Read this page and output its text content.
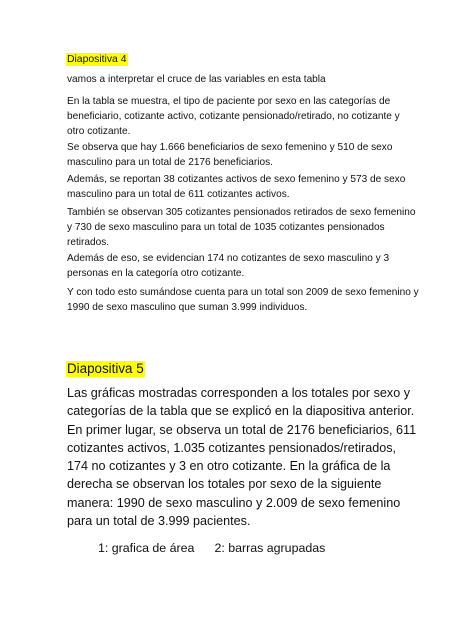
Diapositiva 4

vamos a interpretar el cruce de las variables en esta tabla

En la tabla se muestra, el tipo de paciente por sexo en las categorías de beneficiario, cotizante activo, cotizante pensionado/retirado, no cotizante y otro cotizante.

Se observa que hay 1.666 beneficiarios de sexo femenino y 510 de sexo masculino para un total de 2176 beneficiarios.

Además, se reportan 38 cotizantes activos de sexo femenino y 573 de sexo masculino para un total de 611 cotizantes activos.

También se observan 305 cotizantes pensionados retirados de sexo femenino y 730 de sexo masculino para un total de 1035 cotizantes pensionados retirados.

Además de eso, se evidencian 174 no cotizantes de sexo masculino y 3 personas en la categoría otro cotizante.

Y con todo esto sumándose cuenta para un total son 2009 de sexo femenino y 1990 de sexo masculino que suman 3.999 individuos.

Diapositiva 5

Las gráficas mostradas corresponden a los totales por sexo y categorías de la tabla que se explicó en la diapositiva anterior. En primer lugar, se observa un total de 2176 beneficiarios, 611 cotizantes activos, 1.035 cotizantes pensionados/retirados, 174 no cotizantes y 3 en otro cotizante. En la gráfica de la derecha se observan los totales por sexo de la siguiente manera: 1990 de sexo masculino y 2.009 de sexo femenino para un total de 3.999 pacientes.

1: grafica de área 2: barras agrupadas
